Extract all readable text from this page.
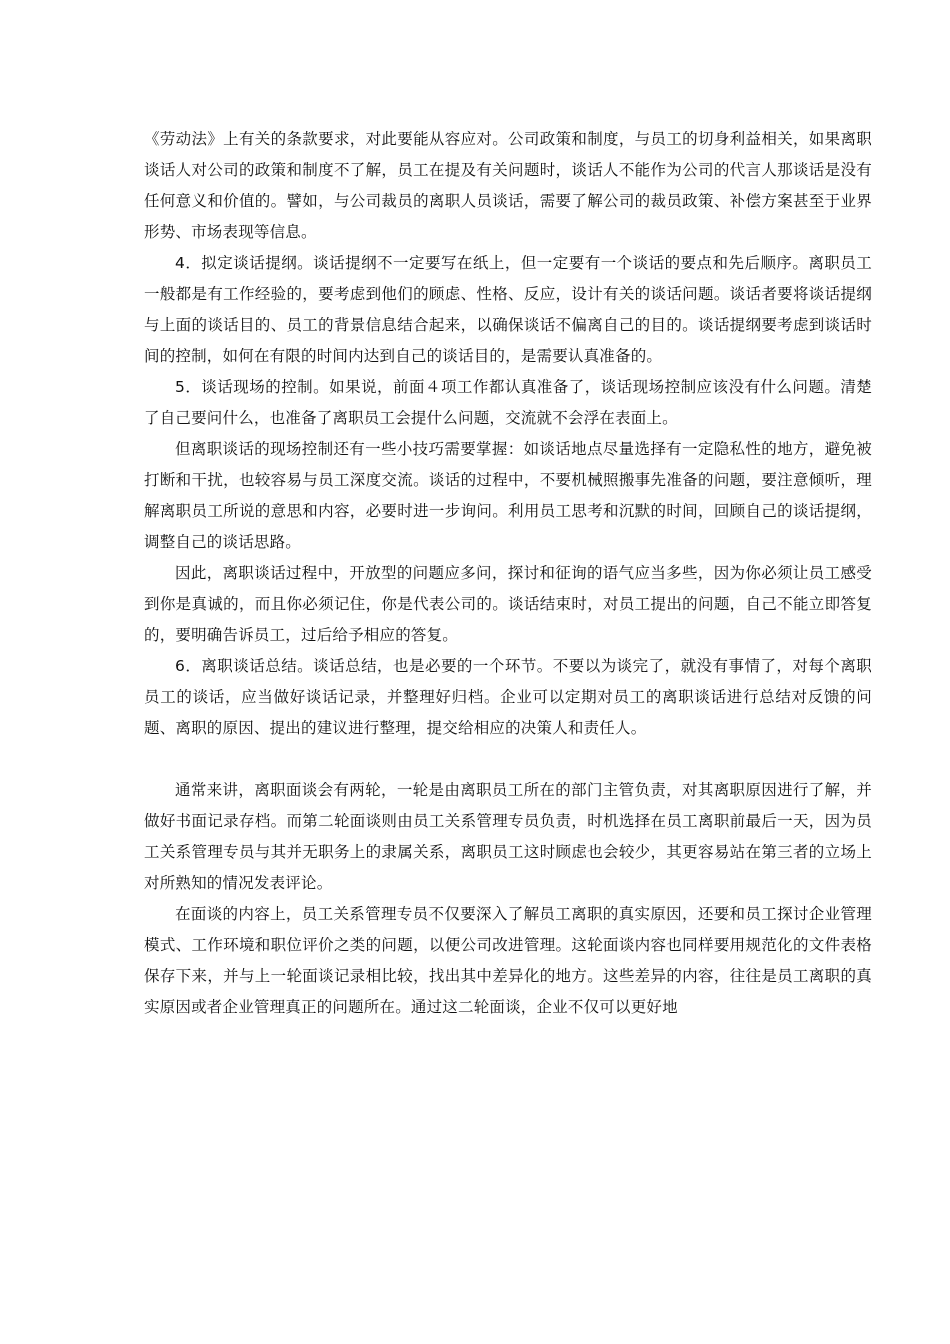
《劳动法》上有关的条款要求，对此要能从容应对。公司政策和制度，与员工的切身利益相关，如果离职谈话人对公司的政策和制度不了解，员工在提及有关问题时，谈话人不能作为公司的代言人那谈话是没有任何意义和价值的。譬如，与公司裁员的离职人员谈话，需要了解公司的裁员政策、补偿方案甚至于业界形势、市场表现等信息。

4．拟定谈话提纲。谈话提纲不一定要写在纸上，但一定要有一个谈话的要点和先后顺序。离职员工一般都是有工作经验的，要考虑到他们的顾虑、性格、反应，设计有关的谈话问题。谈话者要将谈话提纲与上面的谈话目的、员工的背景信息结合起来，以确保谈话不偏离自己的目的。谈话提纲要考虑到谈话时间的控制，如何在有限的时间内达到自己的谈话目的，是需要认真准备的。

5．谈话现场的控制。如果说，前面４项工作都认真准备了，谈话现场控制应该没有什么问题。清楚了自己要问什么，也准备了离职员工会提什么问题，交流就不会浮在表面上。

但离职谈话的现场控制还有一些小技巧需要掌握：如谈话地点尽量选择有一定隐私性的地方，避免被打断和干扰，也较容易与员工深度交流。谈话的过程中，不要机械照搬事先准备的问题，要注意倾听，理解离职员工所说的意思和内容，必要时进一步询问。利用员工思考和沉默的时间，回顾自己的谈话提纲，调整自己的谈话思路。

因此，离职谈话过程中，开放型的问题应多问，探讨和征询的语气应当多些，因为你必须让员工感受到你是真诚的，而且你必须记住，你是代表公司的。谈话结束时，对员工提出的问题，自己不能立即答复的，要明确告诉员工，过后给予相应的答复。

6．离职谈话总结。谈话总结，也是必要的一个环节。不要以为谈完了，就没有事情了，对每个离职员工的谈话，应当做好谈话记录，并整理好归档。企业可以定期对员工的离职谈话进行总结对反馈的问题、离职的原因、提出的建议进行整理，提交给相应的决策人和责任人。

通常来讲，离职面谈会有两轮，一轮是由离职员工所在的部门主管负责，对其离职原因进行了解，并做好书面记录存档。而第二轮面谈则由员工关系管理专员负责，时机选择在员工离职前最后一天，因为员工关系管理专员与其并无职务上的隶属关系，离职员工这时顾虑也会较少，其更容易站在第三者的立场上对所熟知的情况发表评论。

在面谈的内容上，员工关系管理专员不仅要深入了解员工离职的真实原因，还要和员工探讨企业管理模式、工作环境和职位评价之类的问题，以便公司改进管理。这轮面谈内容也同样要用规范化的文件表格保存下来，并与上一轮面谈记录相比较，找出其中差异化的地方。这些差异的内容，往往是员工离职的真实原因或者企业管理真正的问题所在。通过这二轮面谈，企业不仅可以更好地
